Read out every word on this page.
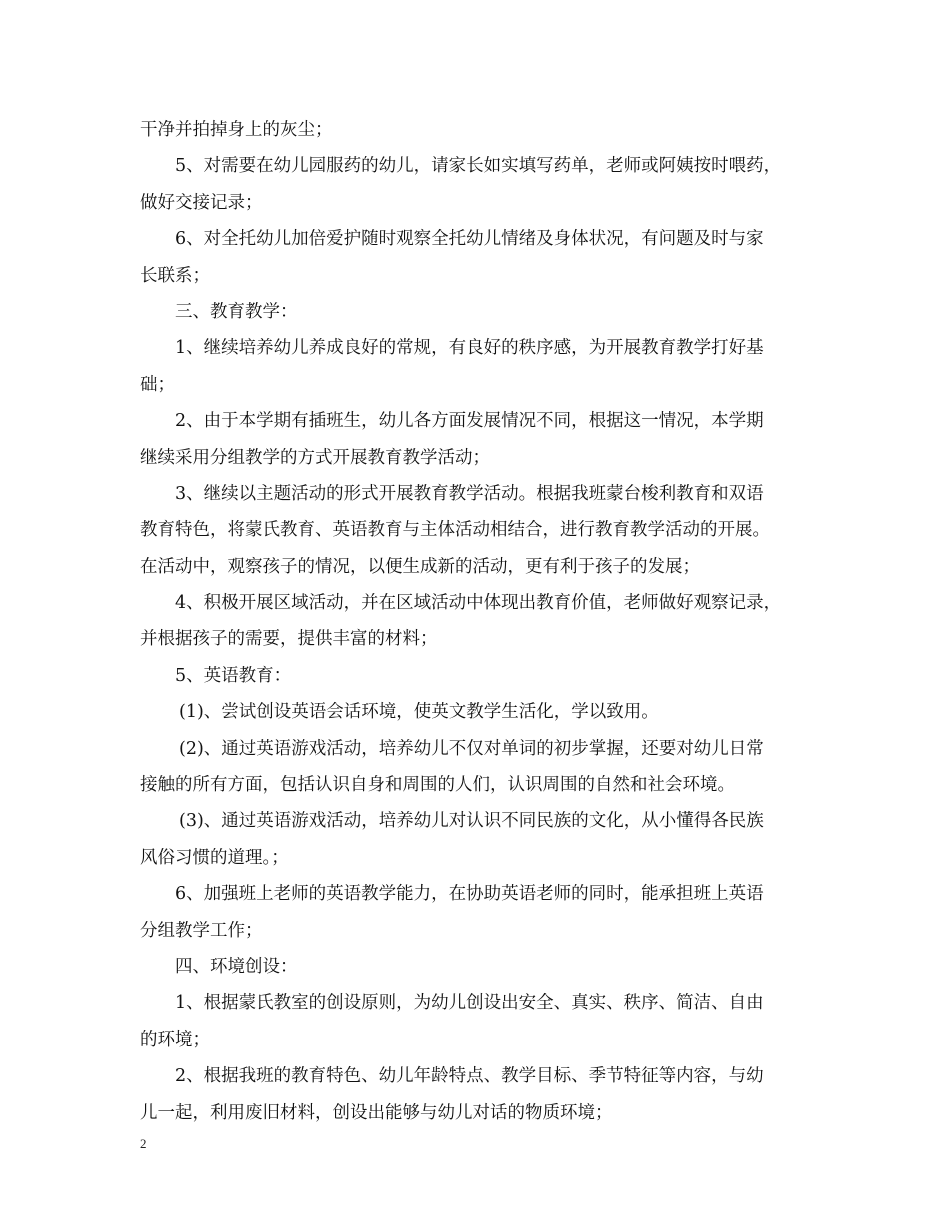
干净并拍掉身上的灰尘；
5、对需要在幼儿园服药的幼儿，请家长如实填写药单，老师或阿姨按时喂药，
做好交接记录；
6、对全托幼儿加倍爱护随时观察全托幼儿情绪及身体状况，有问题及时与家
长联系；
三、教育教学：
1、继续培养幼儿养成良好的常规，有良好的秩序感，为开展教育教学打好基
础；
2、由于本学期有插班生，幼儿各方面发展情况不同，根据这一情况，本学期
继续采用分组教学的方式开展教育教学活动；
3、继续以主题活动的形式开展教育教学活动。根据我班蒙台梭利教育和双语
教育特色，将蒙氏教育、英语教育与主体活动相结合，进行教育教学活动的开展。
在活动中，观察孩子的情况，以便生成新的活动，更有利于孩子的发展；
4、积极开展区域活动，并在区域活动中体现出教育价值，老师做好观察记录，
并根据孩子的需要，提供丰富的材料；
5、英语教育：
(1)、尝试创设英语会话环境，使英文教学生活化，学以致用。
(2)、通过英语游戏活动，培养幼儿不仅对单词的初步掌握，还要对幼儿日常
接触的所有方面，包括认识自身和周围的人们，认识周围的自然和社会环境。
(3)、通过英语游戏活动，培养幼儿对认识不同民族的文化，从小懂得各民族
风俗习惯的道理。；
6、加强班上老师的英语教学能力，在协助英语老师的同时，能承担班上英语
分组教学工作；
四、环境创设：
1、根据蒙氏教室的创设原则，为幼儿创设出安全、真实、秩序、简洁、自由
的环境；
2、根据我班的教育特色、幼儿年龄特点、教学目标、季节特征等内容，与幼
儿一起，利用废旧材料，创设出能够与幼儿对话的物质环境；
2
